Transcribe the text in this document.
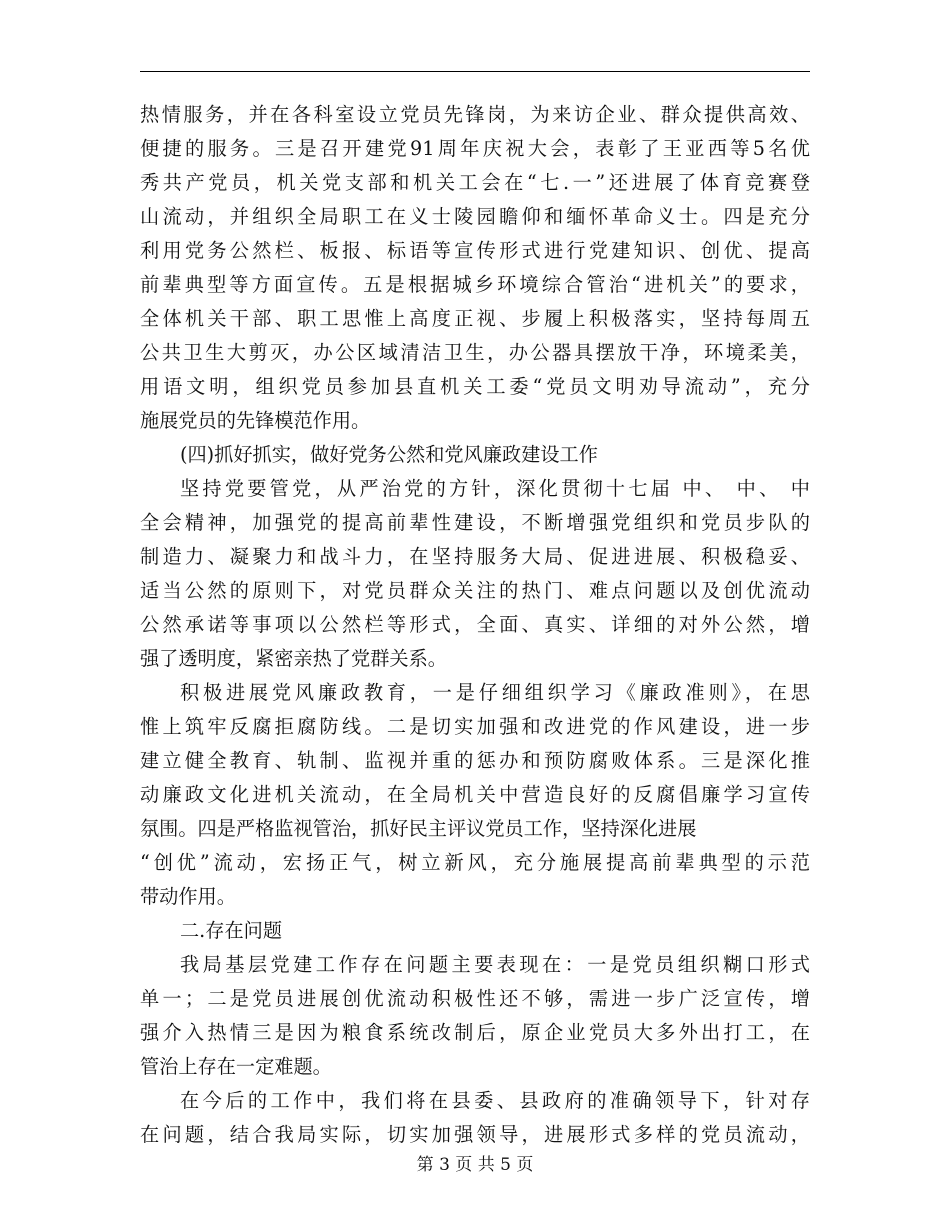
热情服务，并在各科室设立党员先锋岗，为来访企业、群众提供高效、
便捷的服务。三是召开建党91周年庆祝大会，表彰了王亚西等5名优
秀共产党员，机关党支部和机关工会在“七.一”还进展了体育竞赛登
山流动，并组织全局职工在义士陵园瞻仰和缅怀革命义士。四是充分
利用党务公然栏、板报、标语等宣传形式进行党建知识、创优、提高
前辈典型等方面宣传。五是根据城乡环境综合管治“进机关”的要求，
全体机关干部、职工思惟上高度正视、步履上积极落实，坚持每周五
公共卫生大剪灭，办公区域清洁卫生，办公器具摆放干净，环境柔美，
用语文明，组织党员参加县直机关工委“党员文明劝导流动”，充分
施展党员的先锋模范作用。
(四)抓好抓实，做好党务公然和党风廉政建设工作
坚持党要管党，从严治党的方针，深化贯彻十七届 中、 中、 中
全会精神，加强党的提高前辈性建设，不断增强党组织和党员步队的
制造力、凝聚力和战斗力，在坚持服务大局、促进进展、积极稳妥、
适当公然的原则下，对党员群众关注的热门、难点问题以及创优流动
公然承诺等事项以公然栏等形式，全面、真实、详细的对外公然，增
强了透明度，紧密亲热了党群关系。
积极进展党风廉政教育，一是仔细组织学习《廉政准则》，在思
惟上筑牢反腐拒腐防线。二是切实加强和改进党的作风建设，进一步
建立健全教育、轨制、监视并重的惩办和预防腐败体系。三是深化推
动廉政文化进机关流动，在全局机关中营造良好的反腐倡廉学习宣传
氛围。四是严格监视管治，抓好民主评议党员工作，坚持深化进展
“创优”流动，宏扬正气，树立新风，充分施展提高前辈典型的示范
带动作用。
二.存在问题
我局基层党建工作存在问题主要表现在：一是党员组织糊口形式
单一；二是党员进展创优流动积极性还不够，需进一步广泛宣传，增
强介入热情三是因为粮食系统改制后，原企业党员大多外出打工，在
管治上存在一定难题。
在今后的工作中，我们将在县委、县政府的准确领导下，针对存
在问题，结合我局实际，切实加强领导，进展形式多样的党员流动，
第 3 页 共 5 页
